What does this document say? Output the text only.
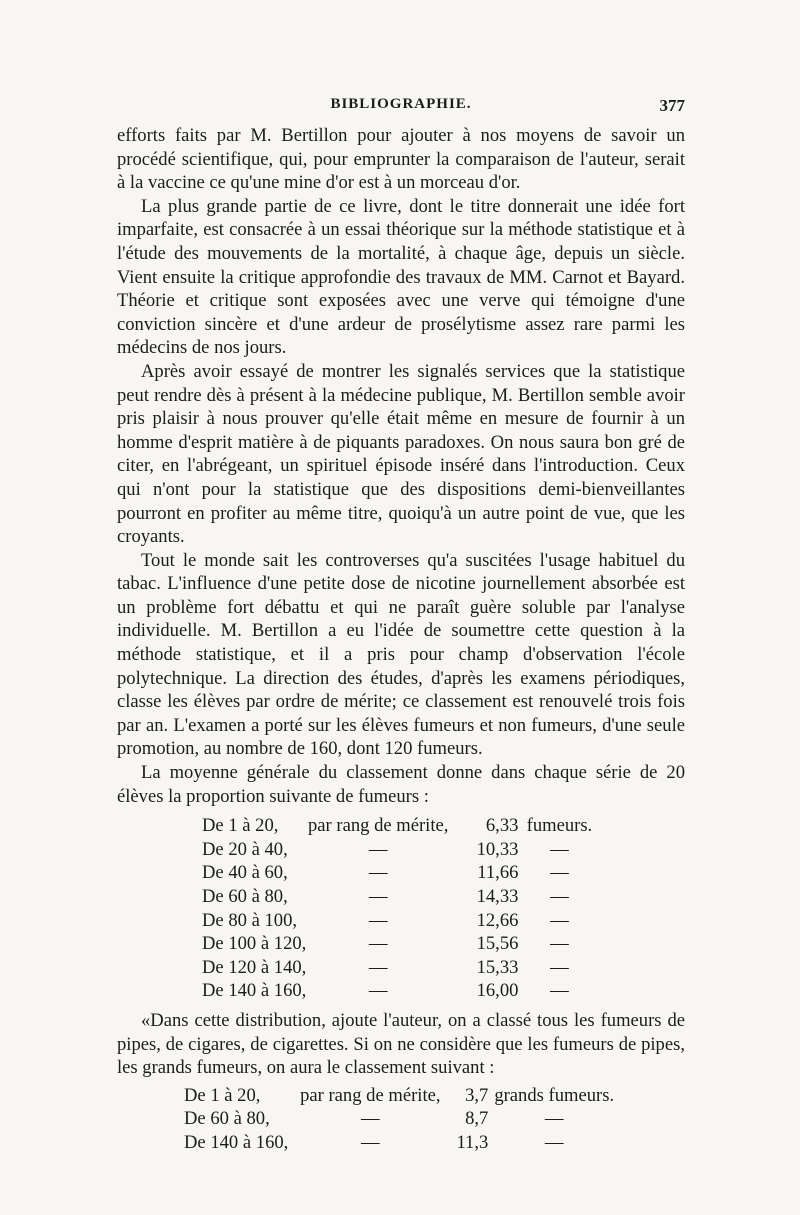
BIBLIOGRAPHIE.	377

efforts faits par M. Bertillon pour ajouter à nos moyens de savoir un procédé scientifique, qui, pour emprunter la comparaison de l'auteur, serait à la vaccine ce qu'une mine d'or est à un morceau d'or.

La plus grande partie de ce livre, dont le titre donnerait une idée fort imparfaite, est consacrée à un essai théorique sur la méthode statistique et à l'étude des mouvements de la mortalité, à chaque âge, depuis un siècle. Vient ensuite la critique approfondie des travaux de MM. Carnot et Bayard. Théorie et critique sont exposées avec une verve qui témoigne d'une conviction sincère et d'une ardeur de prosélytisme assez rare parmi les médecins de nos jours.

Après avoir essayé de montrer les signalés services que la statistique peut rendre dès à présent à la médecine publique, M. Bertillon semble avoir pris plaisir à nous prouver qu'elle était même en mesure de fournir à un homme d'esprit matière à de piquants paradoxes. On nous saura bon gré de citer, en l'abrégeant, un spirituel épisode inséré dans l'introduction. Ceux qui n'ont pour la statistique que des dispositions demi-bienveillantes pourront en profiter au même titre, quoiqu'à un autre point de vue, que les croyants.

Tout le monde sait les controverses qu'a suscitées l'usage habituel du tabac. L'influence d'une petite dose de nicotine journellement absorbée est un problème fort débattu et qui ne paraît guère soluble par l'analyse individuelle. M. Bertillon a eu l'idée de soumettre cette question à la méthode statistique, et il a pris pour champ d'observation l'école polytechnique. La direction des études, d'après les examens périodiques, classe les élèves par ordre de mérite; ce classement est renouvelé trois fois par an. L'examen a porté sur les élèves fumeurs et non fumeurs, d'une seule promotion, au nombre de 160, dont 120 fumeurs.

La moyenne générale du classement donne dans chaque série de 20 élèves la proportion suivante de fumeurs :

De 1 à 20,	par rang de mérite,	6,33	fumeurs.
De 20 à 40,	—	10,33	—
De 40 à 60,	—	11,66	—
De 60 à 80,	—	14,33	—
De 80 à 100,	—	12,66	—
De 100 à 120,	—	15,56	—
De 120 à 140,	—	15,33	—
De 140 à 160,	—	16,00	—

«Dans cette distribution, ajoute l'auteur, on a classé tous les fumeurs de pipes, de cigares, de cigarettes. Si on ne considère que les fumeurs de pipes, les grands fumeurs, on aura le classement suivant :

De 1 à 20,	par rang de mérite,	3,7	grands fumeurs.
De 60 à 80,	—	8,7	—
De 140 à 160,	—	11,3	—
